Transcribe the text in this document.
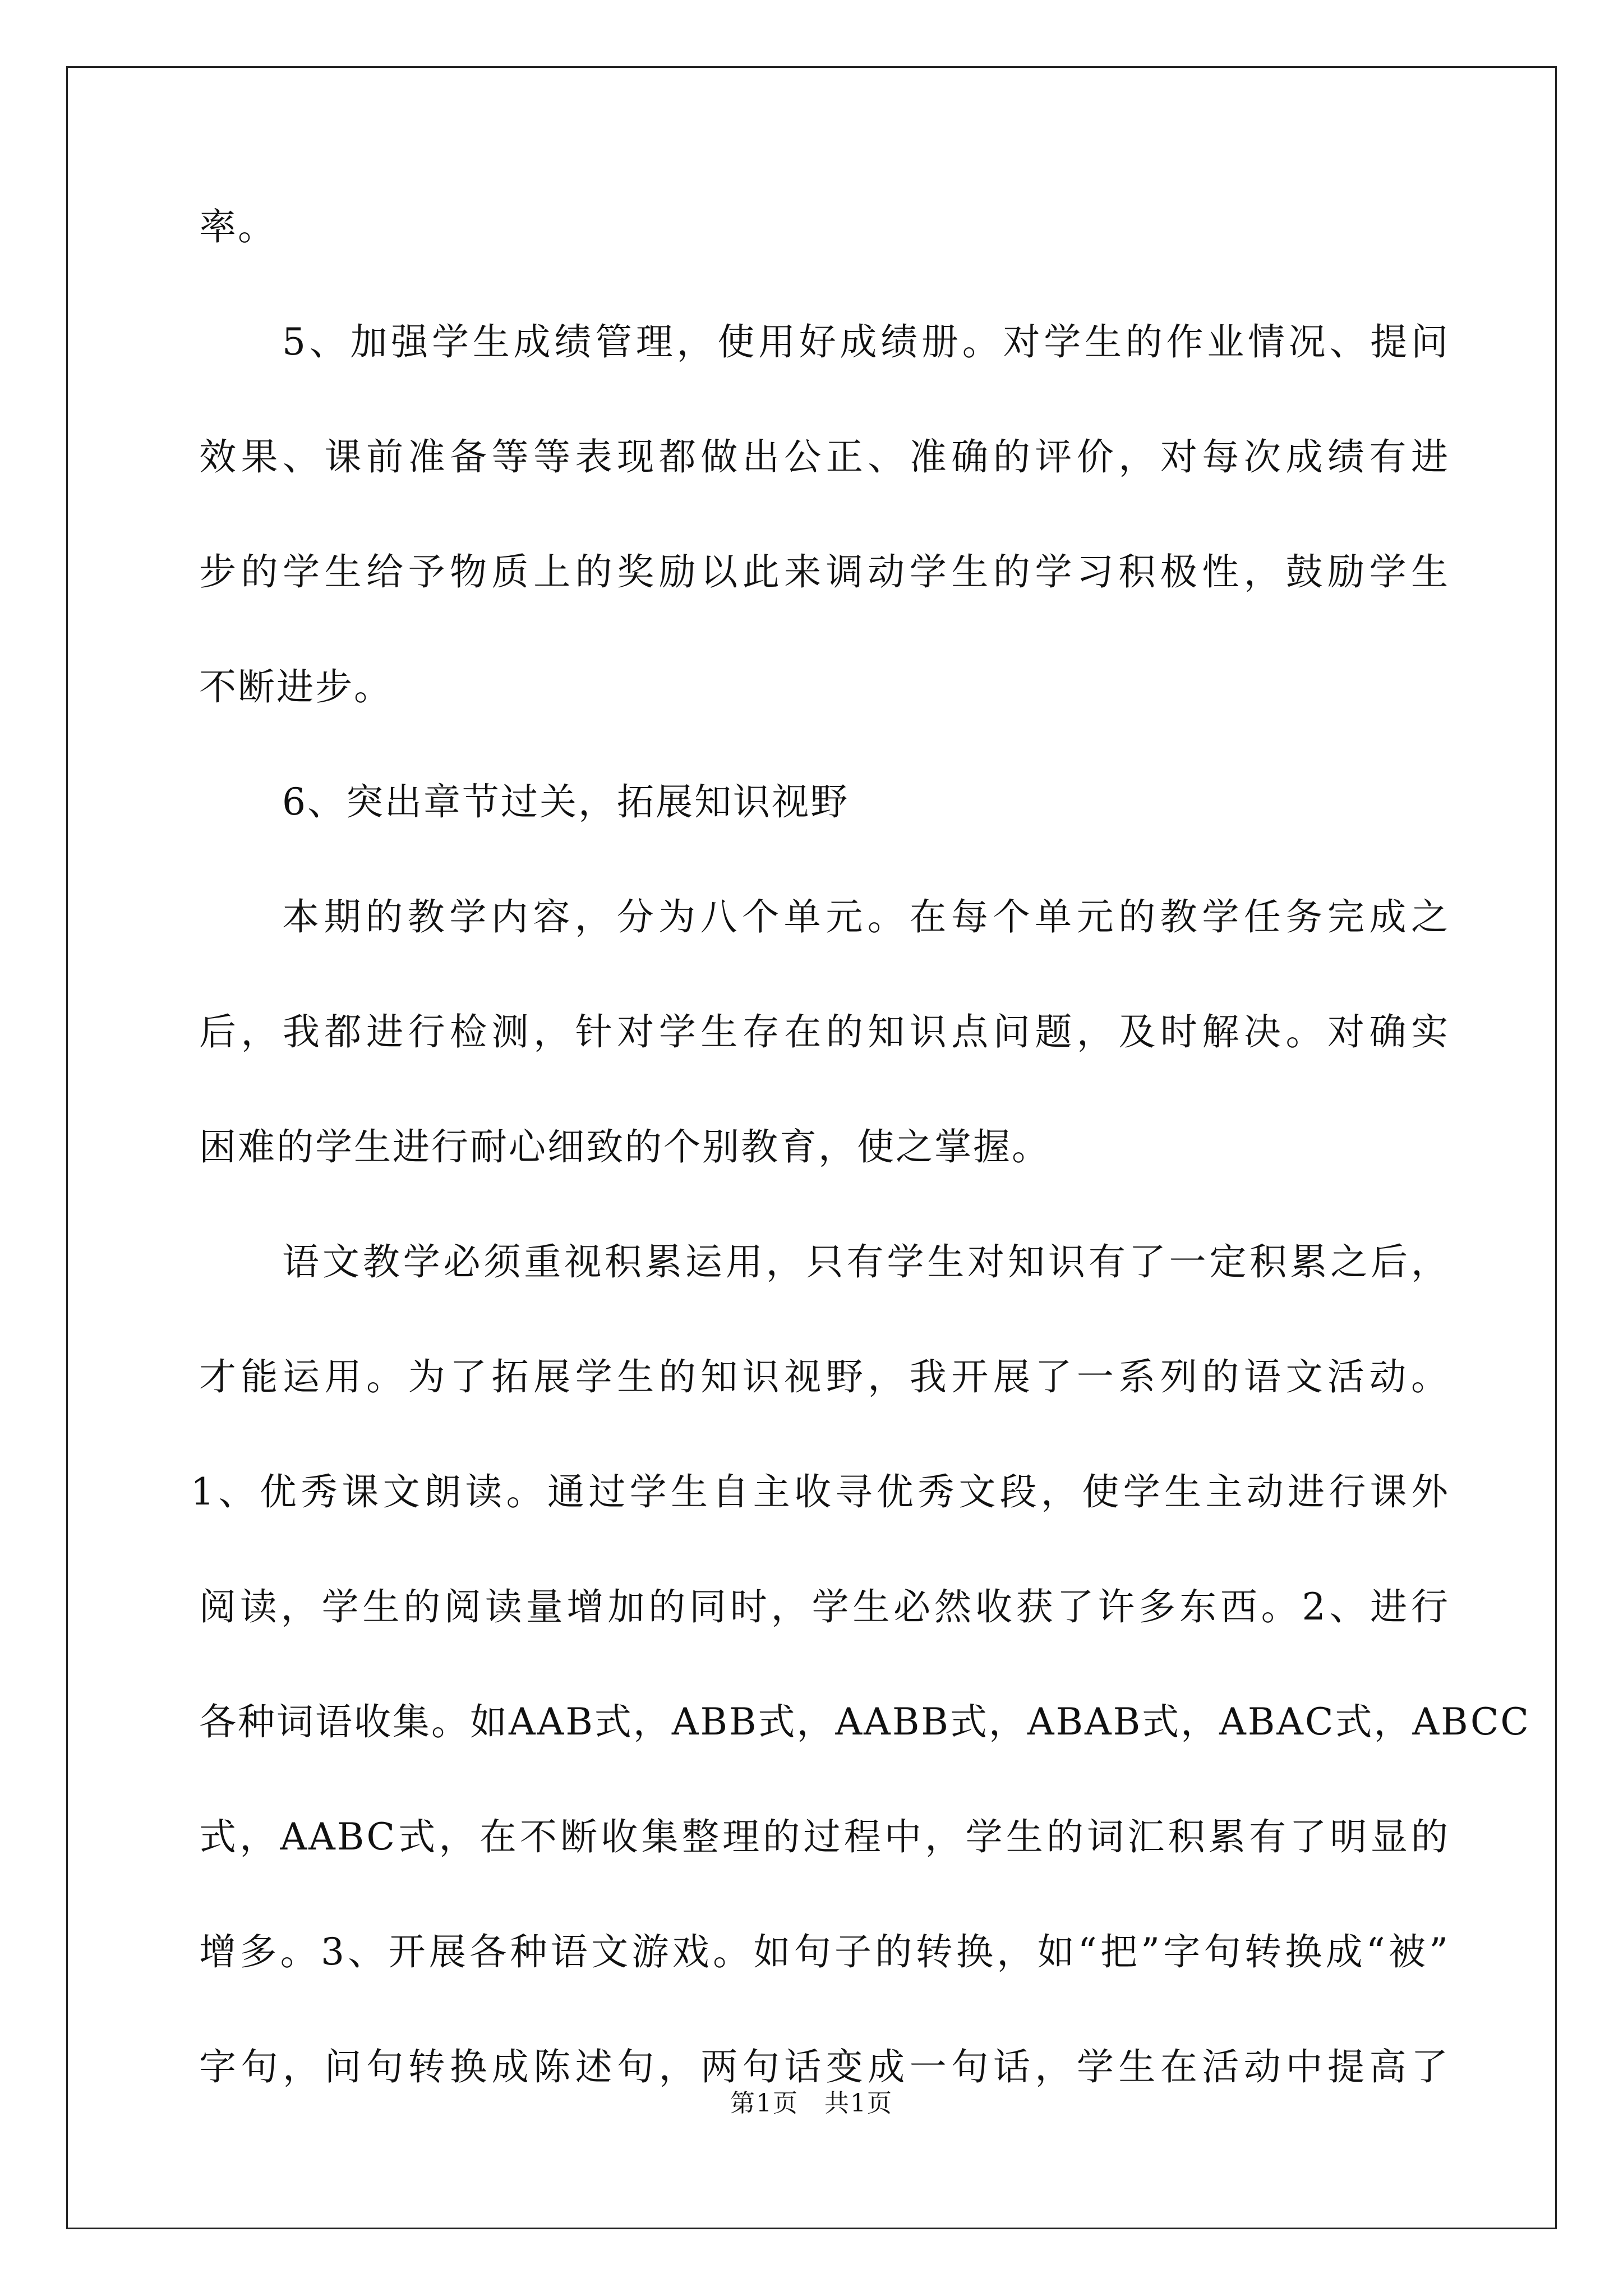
率。
5、加强学生成绩管理，使用好成绩册。对学生的作业情况、提问
效果、课前准备等等表现都做出公正、准确的评价，对每次成绩有进
步的学生给予物质上的奖励以此来调动学生的学习积极性，鼓励学生
不断进步。
6、突出章节过关，拓展知识视野
本期的教学内容，分为八个单元。在每个单元的教学任务完成之
后，我都进行检测，针对学生存在的知识点问题，及时解决。对确实
困难的学生进行耐心细致的个别教育，使之掌握。
语文教学必须重视积累运用，只有学生对知识有了一定积累之后，
才能运用。为了拓展学生的知识视野，我开展了一系列的语文活动。
1、优秀课文朗读。通过学生自主收寻优秀文段，使学生主动进行课外
阅读，学生的阅读量增加的同时，学生必然收获了许多东西。2、进行
各种词语收集。如AAB式，ABB式，AABB式，ABAB式，ABAC式，ABCC
式，AABC式，在不断收集整理的过程中，学生的词汇积累有了明显的
增多。3、开展各种语文游戏。如句子的转换，如“把”字句转换成“被”
字句，问句转换成陈述句，两句话变成一句话，学生在活动中提高了
第1页　共1页
